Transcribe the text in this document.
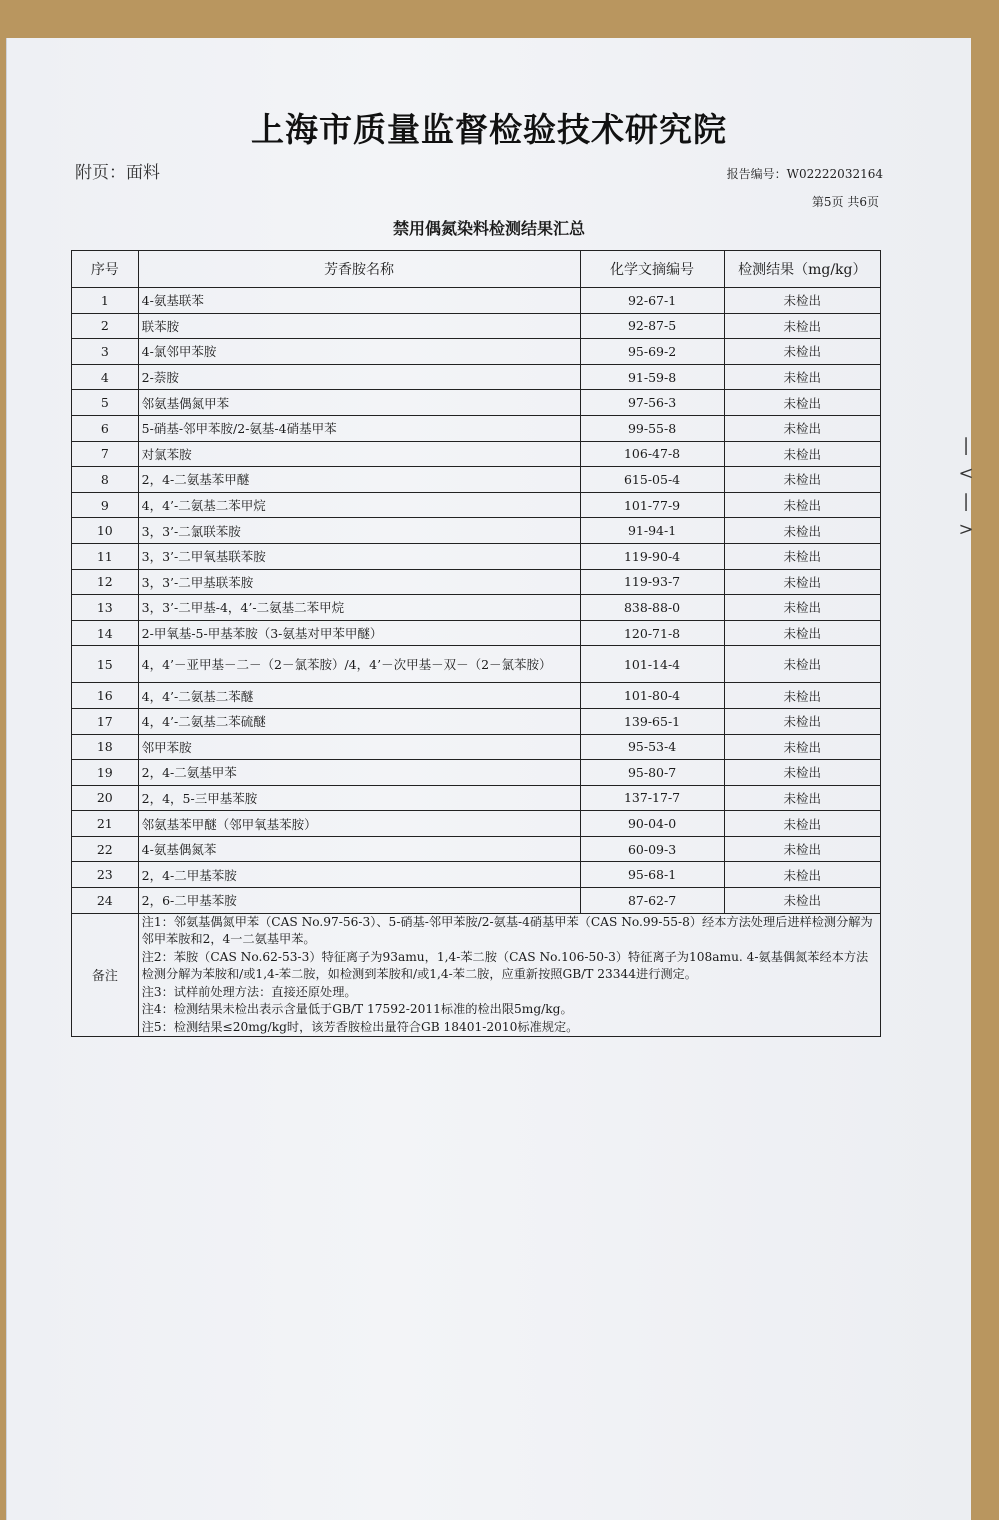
上海市质量监督检验技术研究院
附页：面料	报告编号：W02222032164
第5页 共6页
禁用偶氮染料检测结果汇总
|
<
|
>
序号	芳香胺名称	化学文摘编号	检测结果（mg/kg）
1	4-氨基联苯	92-67-1	未检出
2	联苯胺	92-87-5	未检出
3	4-氯邻甲苯胺	95-69-2	未检出
4	2-萘胺	91-59-8	未检出
5	邻氨基偶氮甲苯	97-56-3	未检出
6	5-硝基-邻甲苯胺/2-氨基-4硝基甲苯	99-55-8	未检出
7	对氯苯胺	106-47-8	未检出
8	2，4-二氨基苯甲醚	615-05-4	未检出
9	4，4’-二氨基二苯甲烷	101-77-9	未检出
10	3，3’-二氯联苯胺	91-94-1	未检出
11	3，3’-二甲氧基联苯胺	119-90-4	未检出
12	3，3’-二甲基联苯胺	119-93-7	未检出
13	3，3’-二甲基-4，4’-二氨基二苯甲烷	838-88-0	未检出
14	2-甲氧基-5-甲基苯胺（3-氨基对甲苯甲醚）	120-71-8	未检出
15	4，4’－亚甲基－二－（2－氯苯胺）/4，4’－次甲基－双－（2－氯苯胺）	101-14-4	未检出
16	4，4’-二氨基二苯醚	101-80-4	未检出
17	4，4’-二氨基二苯硫醚	139-65-1	未检出
18	邻甲苯胺	95-53-4	未检出
19	2，4-二氨基甲苯	95-80-7	未检出
20	2，4，5-三甲基苯胺	137-17-7	未检出
21	邻氨基苯甲醚（邻甲氧基苯胺）	90-04-0	未检出
22	4-氨基偶氮苯	60-09-3	未检出
23	2，4-二甲基苯胺	95-68-1	未检出
24	2，6-二甲基苯胺	87-62-7	未检出
备注	注1：邻氨基偶氮甲苯（CAS No.97-56-3）、5-硝基-邻甲苯胺/2-氨基-4硝基甲苯（CAS No.99-55-8）经本方法处理后进样检测分解为邻甲苯胺和2，4一二氨基甲苯。
注2：苯胺（CAS No.62-53-3）特征离子为93amu，1,4-苯二胺（CAS No.106-50-3）特征离子为108amu. 4-氨基偶氮苯经本方法检测分解为苯胺和/或1,4-苯二胺，如检测到苯胺和/或1,4-苯二胺，应重新按照GB/T 23344进行测定。
注3：试样前处理方法：直接还原处理。
注4：检测结果未检出表示含量低于GB/T 17592-2011标准的检出限5mg/kg。
注5：检测结果≤20mg/kg时，该芳香胺检出量符合GB 18401-2010标准规定。		
